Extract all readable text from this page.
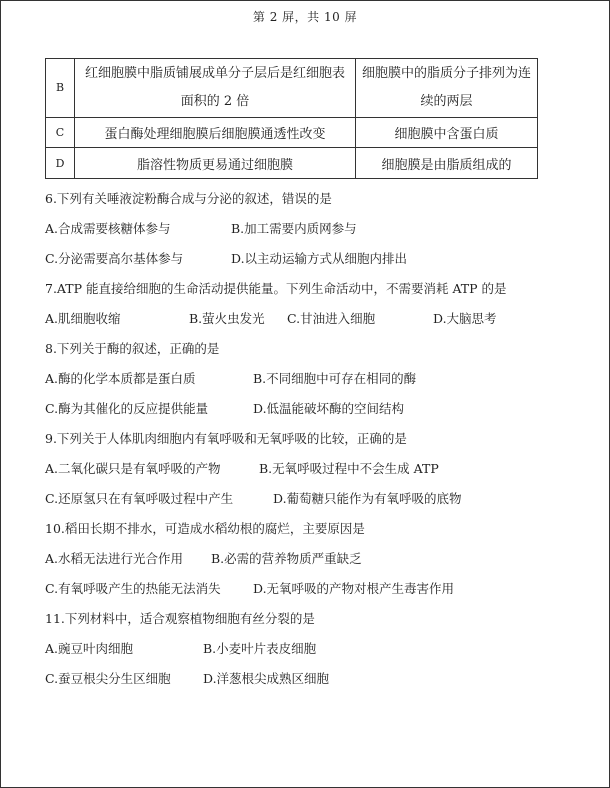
第 2 屏，共 10 屏
B	红细胞膜中脂质铺展成单分子层后是红细胞表面积的 2 倍	细胞膜中的脂质分子排列为连续的两层
C	蛋白酶处理细胞膜后细胞膜通透性改变	细胞膜中含蛋白质
D	脂溶性物质更易通过细胞膜	细胞膜是由脂质组成的
6.下列有关唾液淀粉酶合成与分泌的叙述，错误的是
A.合成需要核糖体参与	B.加工需要内质网参与
C.分泌需要高尔基体参与	D.以主动运输方式从细胞内排出
7.ATP 能直接给细胞的生命活动提供能量。下列生命活动中，不需要消耗 ATP 的是
A.肌细胞收缩	B.萤火虫发光 C.甘油进入细胞	D.大脑思考
8.下列关于酶的叙述，正确的是
A.酶的化学本质都是蛋白质	B.不同细胞中可存在相同的酶
C.酶为其催化的反应提供能量	D.低温能破坏酶的空间结构
9.下列关于人体肌肉细胞内有氧呼吸和无氧呼吸的比较，正确的是
A.二氧化碳只是有氧呼吸的产物	B.无氧呼吸过程中不会生成 ATP
C.还原氢只在有氧呼吸过程中产生	D.葡萄糖只能作为有氧呼吸的底物
10.稻田长期不排水，可造成水稻幼根的腐烂，主要原因是
A.水稻无法进行光合作用 B.必需的营养物质严重缺乏
C.有氧呼吸产生的热能无法消失	D.无氧呼吸的产物对根产生毒害作用
11.下列材料中，适合观察植物细胞有丝分裂的是
A.豌豆叶肉细胞	B.小麦叶片表皮细胞
C.蚕豆根尖分生区细胞	D.洋葱根尖成熟区细胞
